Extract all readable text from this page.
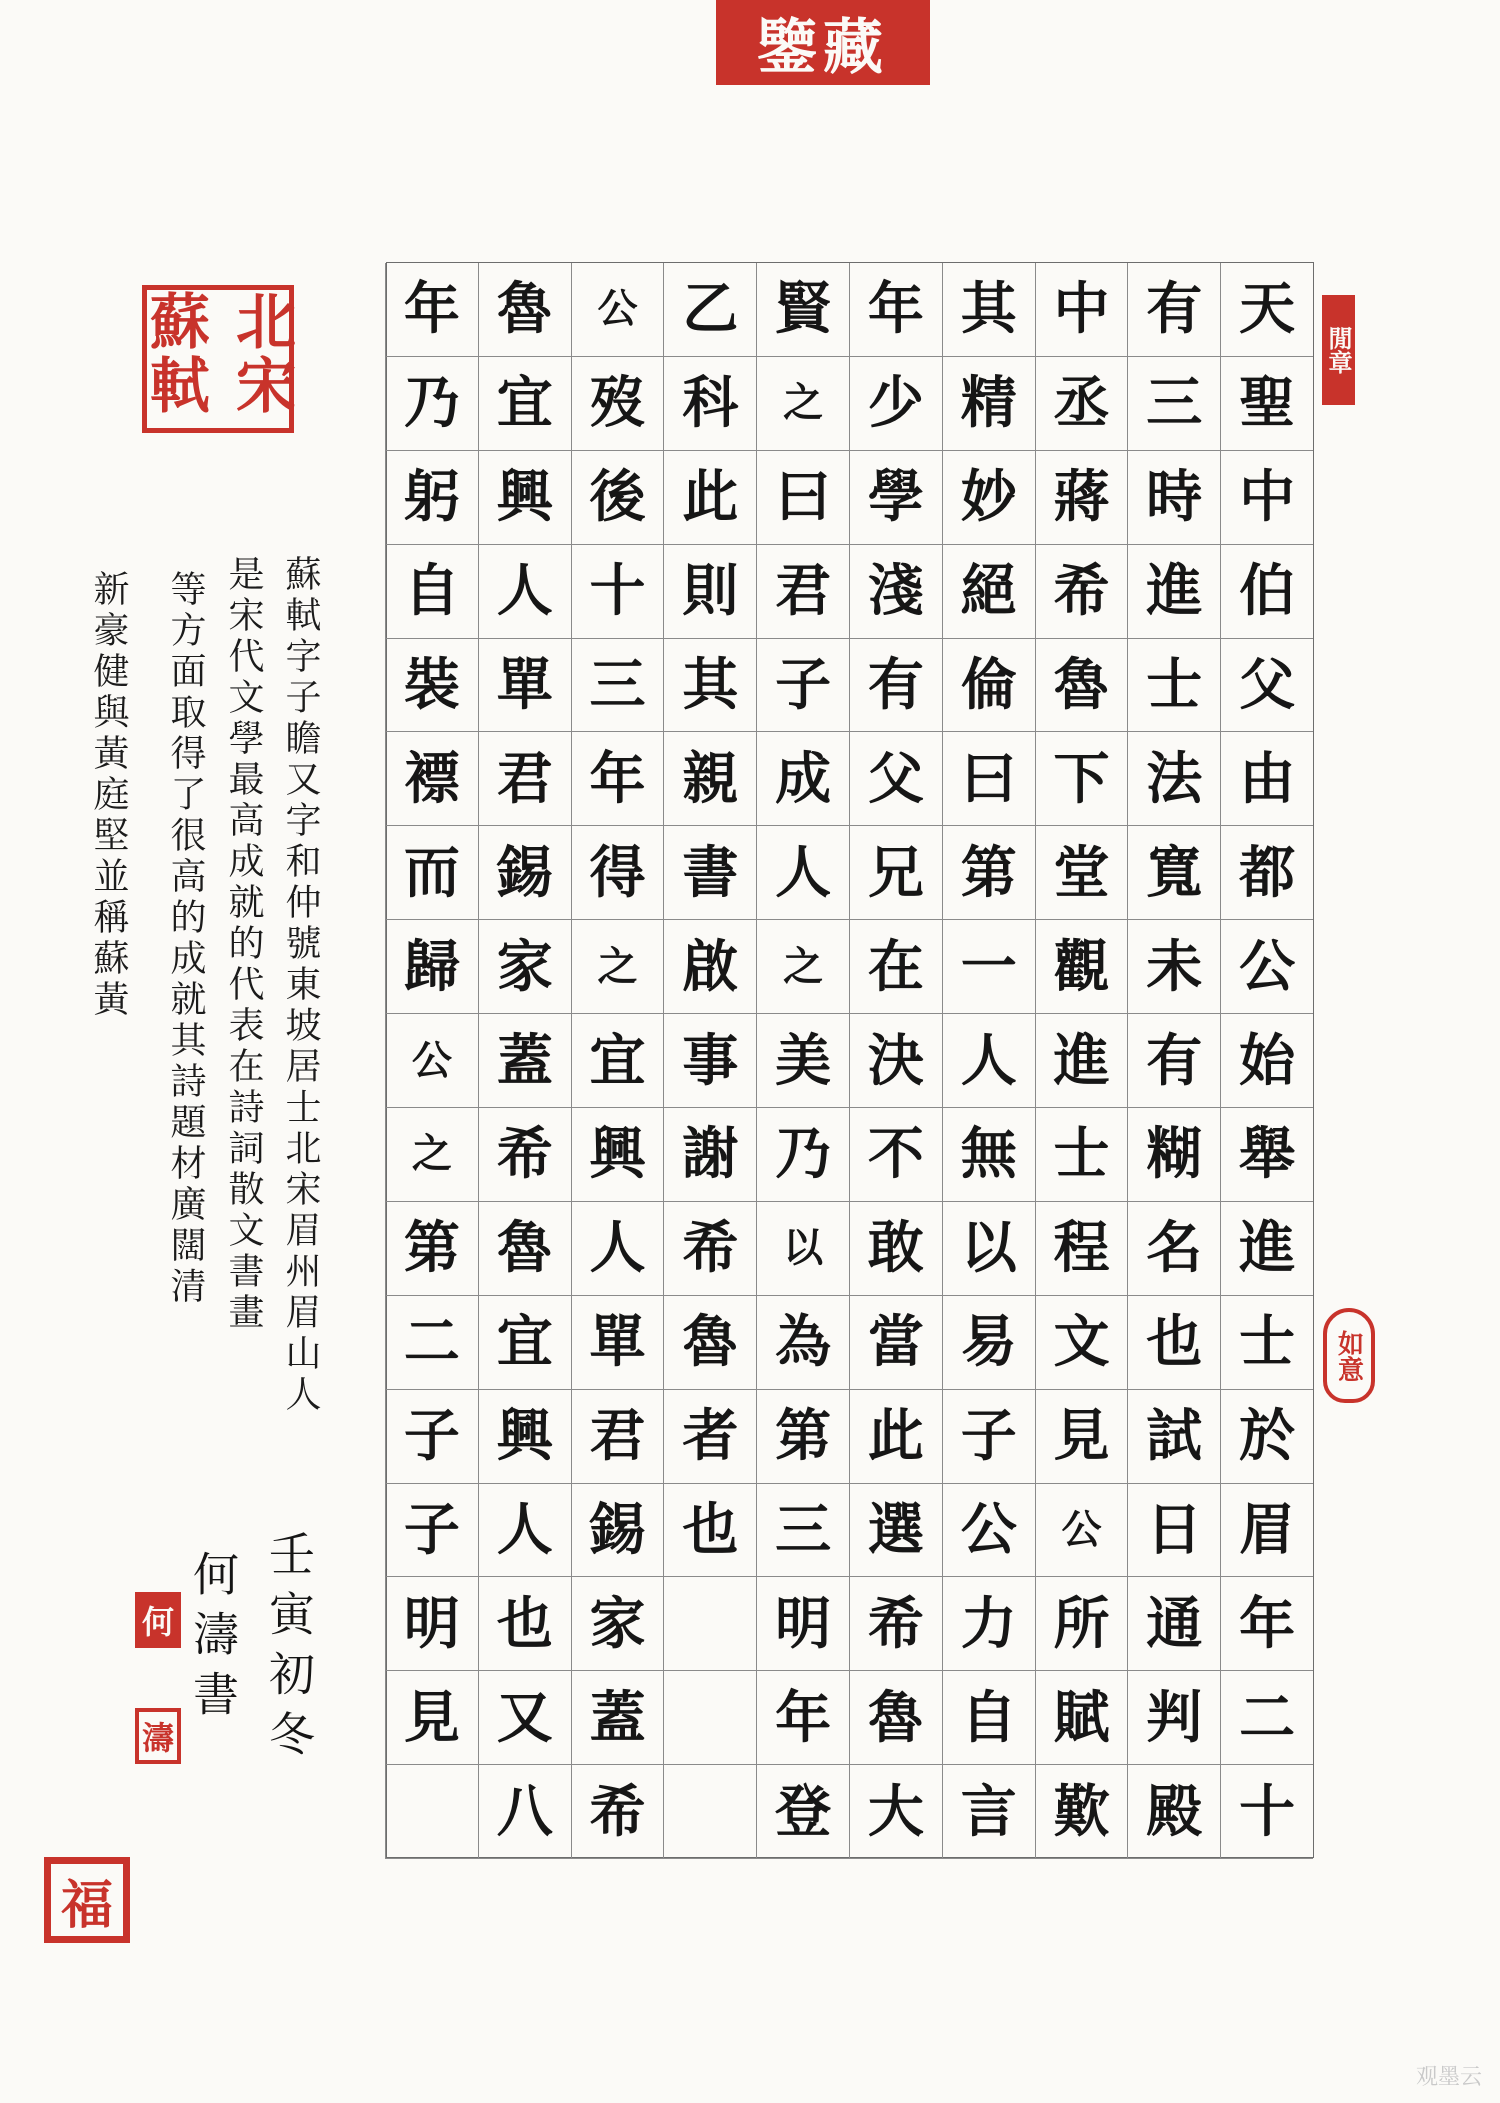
鑒藏
北宋蘇軾	閒章
如意
天
聖
中
伯
父
由
都
公
始
舉
進
士
於
眉
年
二
十
有
三
時
進
士
法
寬
未
有
糊
名
也
試
日
通
判
殿
中
丞
蔣
希
魯
下
堂
觀
進
士
程
文
見
公
所
賦
歎
其
精
妙
絕
倫
曰
第
一
人
無
以
易
子
公
力
自
言
年
少
學
淺
有
父
兄
在
決
不
敢
當
此
選
希
魯
大
賢
之
曰
君
子
成
人
之
美
乃
以
為
第
三
明
年
登
乙
科
此
則
其
親
書
啟
事
謝
希
魯
者
也
公
歿
後
十
三
年
得
之
宜
興
人
單
君
錫
家
蓋
希
魯
宜
興
人
單
君
錫
家
蓋
希
魯
宜
興
人
也
又
八
年
乃
躬
自
裝
褾
而
歸
公
之
第
二
子
子
明
見
蘇軾字子瞻又字和仲號東坡居士北宋眉州眉山人
是宋代文學最高成就的代表在詩詞散文書畫
等方面取得了很高的成就其詩題材廣闊清
新豪健與黃庭堅並稱蘇黃
壬寅初冬
何濤書
何
濤
福
观墨云
